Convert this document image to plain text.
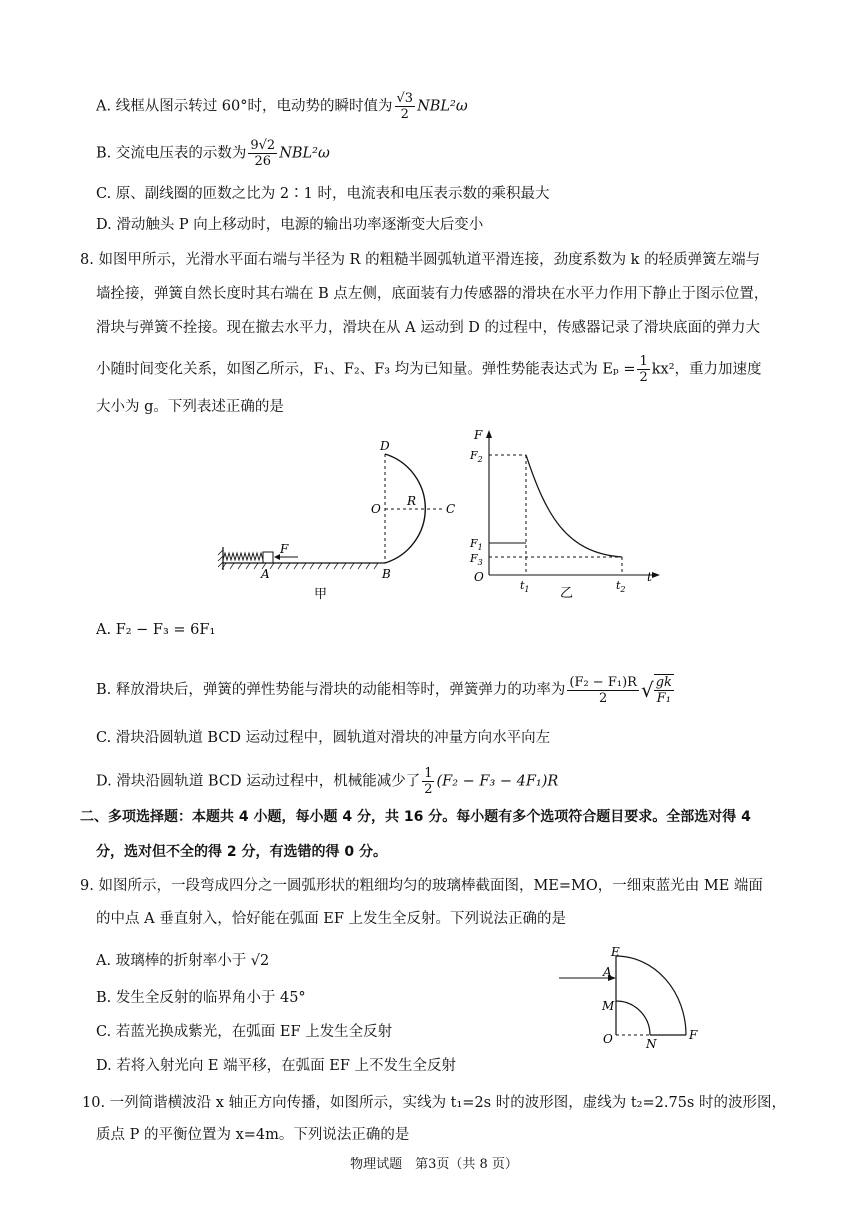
A. 线框从图示转过 60°时，电动势的瞬时值为 $\frac{√3}{2} NBL^2\omega$
B. 交流电压表的示数为 $\frac{9√2}{26} NBL^2\omega$
C. 原、副线圈的匝数之比为 2∶1 时，电流表和电压表示数的乘积最大
D. 滑动触头 P 向上移动时，电源的输出功率逐渐变大后变小
8. 如图甲所示，光滑水平面右端与半径为 R 的粗糙半圆弧轨道平滑连接，劲度系数为 k 的轻质弹簧左端与
墙拴接，弹簧自然长度时其右端在 B 点左侧，底面装有力传感器的滑块在水平力作用下静止于图示位置，
滑块与弹簧不拴接。现在撤去水平力，滑块在从 A 运动到 D 的过程中，传感器记录了滑块底面的弹力大
小随时间变化关系，如图乙所示，F₁、F₂、F₃ 均为已知量。弹性势能表达式为 $E_p = \frac{1}{2} kx^2$，重力加速度
大小为 g。下列表述正确的是
F
A	B
D
O
R
C
甲
F
t
O
$F_2$
$F_1$
$F_3$
$t_1$	$t_2$
乙
A. F₂ − F₃ = 6F₁
B. 释放滑块后，弹簧的弹性势能与滑块的动能相等时，弹簧弹力的功率为 $\frac{\text{(F₂ − F₁)R}}{2}$ √ $\frac{gk}{\text{F₁}}$
C. 滑块沿圆轨道 BCD 运动过程中，圆轨道对滑块的冲量方向水平向左
D. 滑块沿圆轨道 BCD 运动过程中，机械能减少了 $\frac{1}{2} (F_2 - F_3 - 4F_1)R$
二、多项选择题：本题共 4 小题，每小题 4 分，共 16 分。每小题有多个选项符合题目要求。全部选对得 4
分，选对但不全的得 2 分，有选错的得 0 分。
9. 如图所示，一段弯成四分之一圆弧形状的粗细均匀的玻璃棒截面图，ME=MO，一细束蓝光由 ME 端面
的中点 A 垂直射入，恰好能在弧面 EF 上发生全反射。下列说法正确的是
A. 玻璃棒的折射率小于 √2
B. 发生全反射的临界角小于 45°
C. 若蓝光换成紫光，在弧面 EF 上发生全反射
D. 若将入射光向 E 端平移，在弧面 EF 上不发生全反射
E
A
M
O	N
F
10. 一列简谐横波沿 x 轴正方向传播，如图所示，实线为 t₁=2s 时的波形图，虚线为 t₂=2.75s 时的波形图，
质点 P 的平衡位置为 x=4m。下列说法正确的是
物理试题　第3页（共 8 页）
